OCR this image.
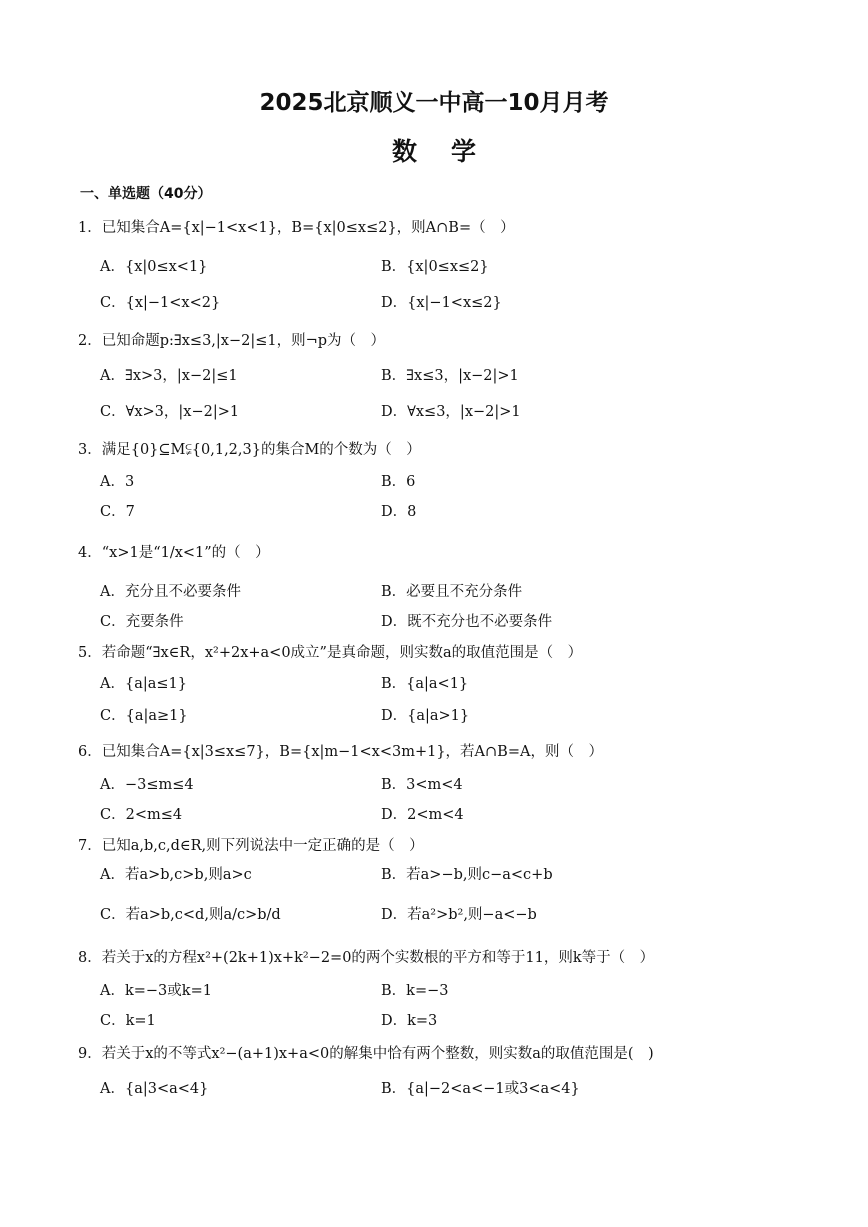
2025北京顺义一中高一10月月考
数学
一、单选题（40分）
1．已知集合A={x|−1<x<1}，B={x|0≤x≤2}，则A∩B=（　）
A．{x|0≤x<1}	B．{x|0≤x≤2}
C．{x|−1<x<2}	D．{x|−1<x≤2}
2．已知命题p:∃x≤3,|x−2|≤1，则¬p为（　）
A．∃x>3，|x−2|≤1	B．∃x≤3，|x−2|>1
C．∀x>3，|x−2|>1	D．∀x≤3，|x−2|>1
3．满足{0}⊆M⫋{0,1,2,3}的集合M的个数为（　）
A．3	B．6
C．7	D．8
4．“x>1是“1/x<1”的（　）
A．充分且不必要条件	B．必要且不充分条件
C．充要条件	D．既不充分也不必要条件
5．若命题“∃x∈R，x²+2x+a<0成立”是真命题，则实数a的取值范围是（　）
A．{a|a≤1}	B．{a|a<1}
C．{a|a≥1}	D．{a|a>1}
6．已知集合A={x|3≤x≤7}，B={x|m−1<x<3m+1}，若A∩B=A，则（　）
A．−3≤m≤4	B．3<m<4
C．2<m≤4	D．2<m<4
7．已知a,b,c,d∈R,则下列说法中一定正确的是（　）
A．若a>b,c>b,则a>c	B．若a>−b,则c−a<c+b
C．若a>b,c<d,则a/c>b/d	D．若a²>b²,则−a<−b
8．若关于x的方程x²+(2k+1)x+k²−2=0的两个实数根的平方和等于11，则k等于（　）
A．k=−3或k=1	B．k=−3
C．k=1	D．k=3
9．若关于x的不等式x²−(a+1)x+a<0的解集中恰有两个整数，则实数a的取值范围是(　)
A．{a|3<a<4}	B．{a|−2<a<−1或3<a<4}
